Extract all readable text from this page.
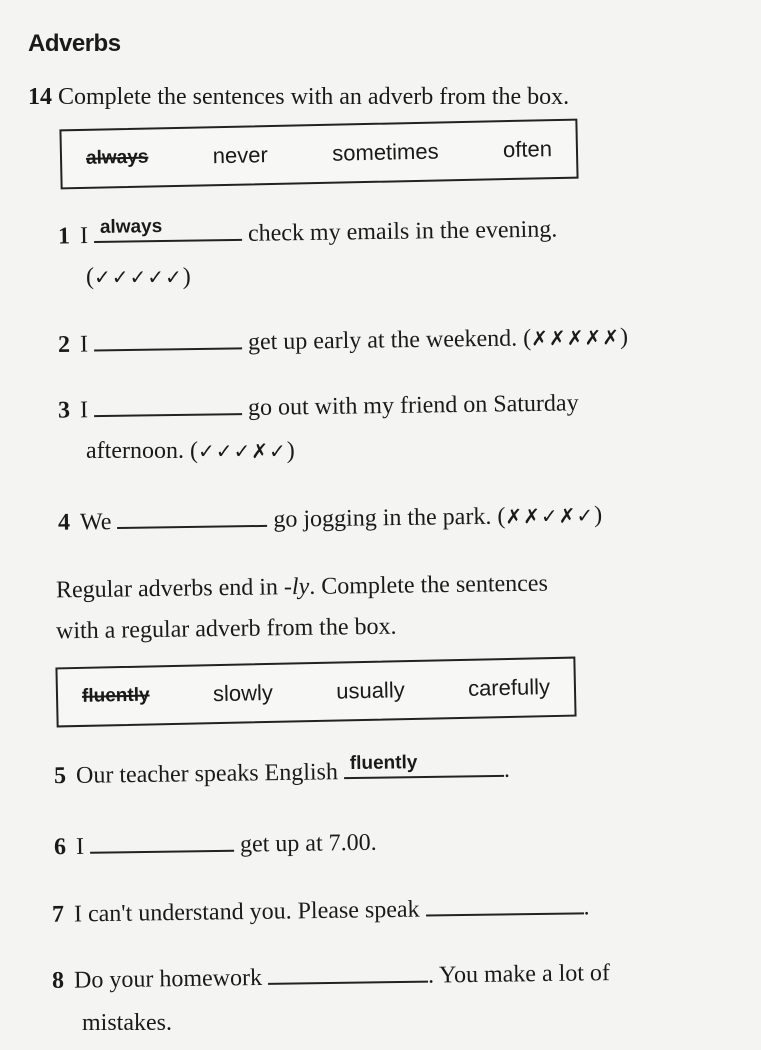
Adverbs
14 Complete the sentences with an adverb from the box.
always	never	sometimes	often
1 I always	check my emails in the evening.
(✓✓✓✓✓)
2 I	get up early at the weekend. (✗✗✗✗✗)
3 I	go out with my friend on Saturday
afternoon. (✓✓✓✗✓)
4 We	go jogging in the park. (✗✗✓✗✓)
Regular adverbs end in -ly. Complete the sentences
with a regular adverb from the box.
fluently	slowly	usually	carefully
5 Our teacher speaks English fluently	.
6 I	get up at 7.00.
7 I can't understand you. Please speak	.
8 Do your homework	. You make a lot of
mistakes.
